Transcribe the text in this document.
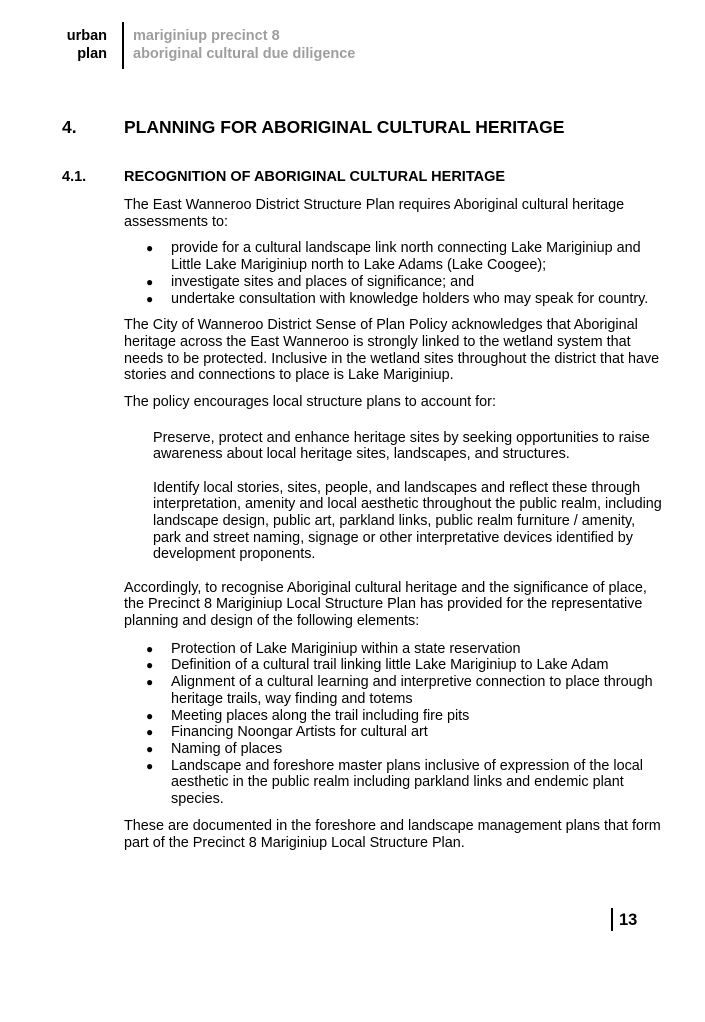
urban
plan
mariginiup precinct 8
aboriginal cultural due diligence
4.	PLANNING FOR ABORIGINAL CULTURAL HERITAGE
4.1.	RECOGNITION OF ABORIGINAL CULTURAL HERITAGE

The East Wanneroo District Structure Plan requires Aboriginal cultural heritage assessments to:

● provide for a cultural landscape link north connecting Lake Mariginiup and Little Lake Mariginiup north to Lake Adams (Lake Coogee);
● investigate sites and places of significance; and
● undertake consultation with knowledge holders who may speak for country.

The City of Wanneroo District Sense of Plan Policy acknowledges that Aboriginal heritage across the East Wanneroo is strongly linked to the wetland system that needs to be protected. Inclusive in the wetland sites throughout the district that have stories and connections to place is Lake Mariginiup.

The policy encourages local structure plans to account for:

Preserve, protect and enhance heritage sites by seeking opportunities to raise awareness about local heritage sites, landscapes, and structures.

Identify local stories, sites, people, and landscapes and reflect these through interpretation, amenity and local aesthetic throughout the public realm, including landscape design, public art, parkland links, public realm furniture / amenity, park and street naming, signage or other interpretative devices identified by development proponents.

Accordingly, to recognise Aboriginal cultural heritage and the significance of place, the Precinct 8 Mariginiup Local Structure Plan has provided for the representative planning and design of the following elements:

● Protection of Lake Mariginiup within a state reservation
● Definition of a cultural trail linking little Lake Mariginiup to Lake Adam
● Alignment of a cultural learning and interpretive connection to place through heritage trails, way finding and totems
● Meeting places along the trail including fire pits
● Financing Noongar Artists for cultural art
● Naming of places
● Landscape and foreshore master plans inclusive of expression of the local aesthetic in the public realm including parkland links and endemic plant species.

These are documented in the foreshore and landscape management plans that form part of the Precinct 8 Mariginiup Local Structure Plan.

13
